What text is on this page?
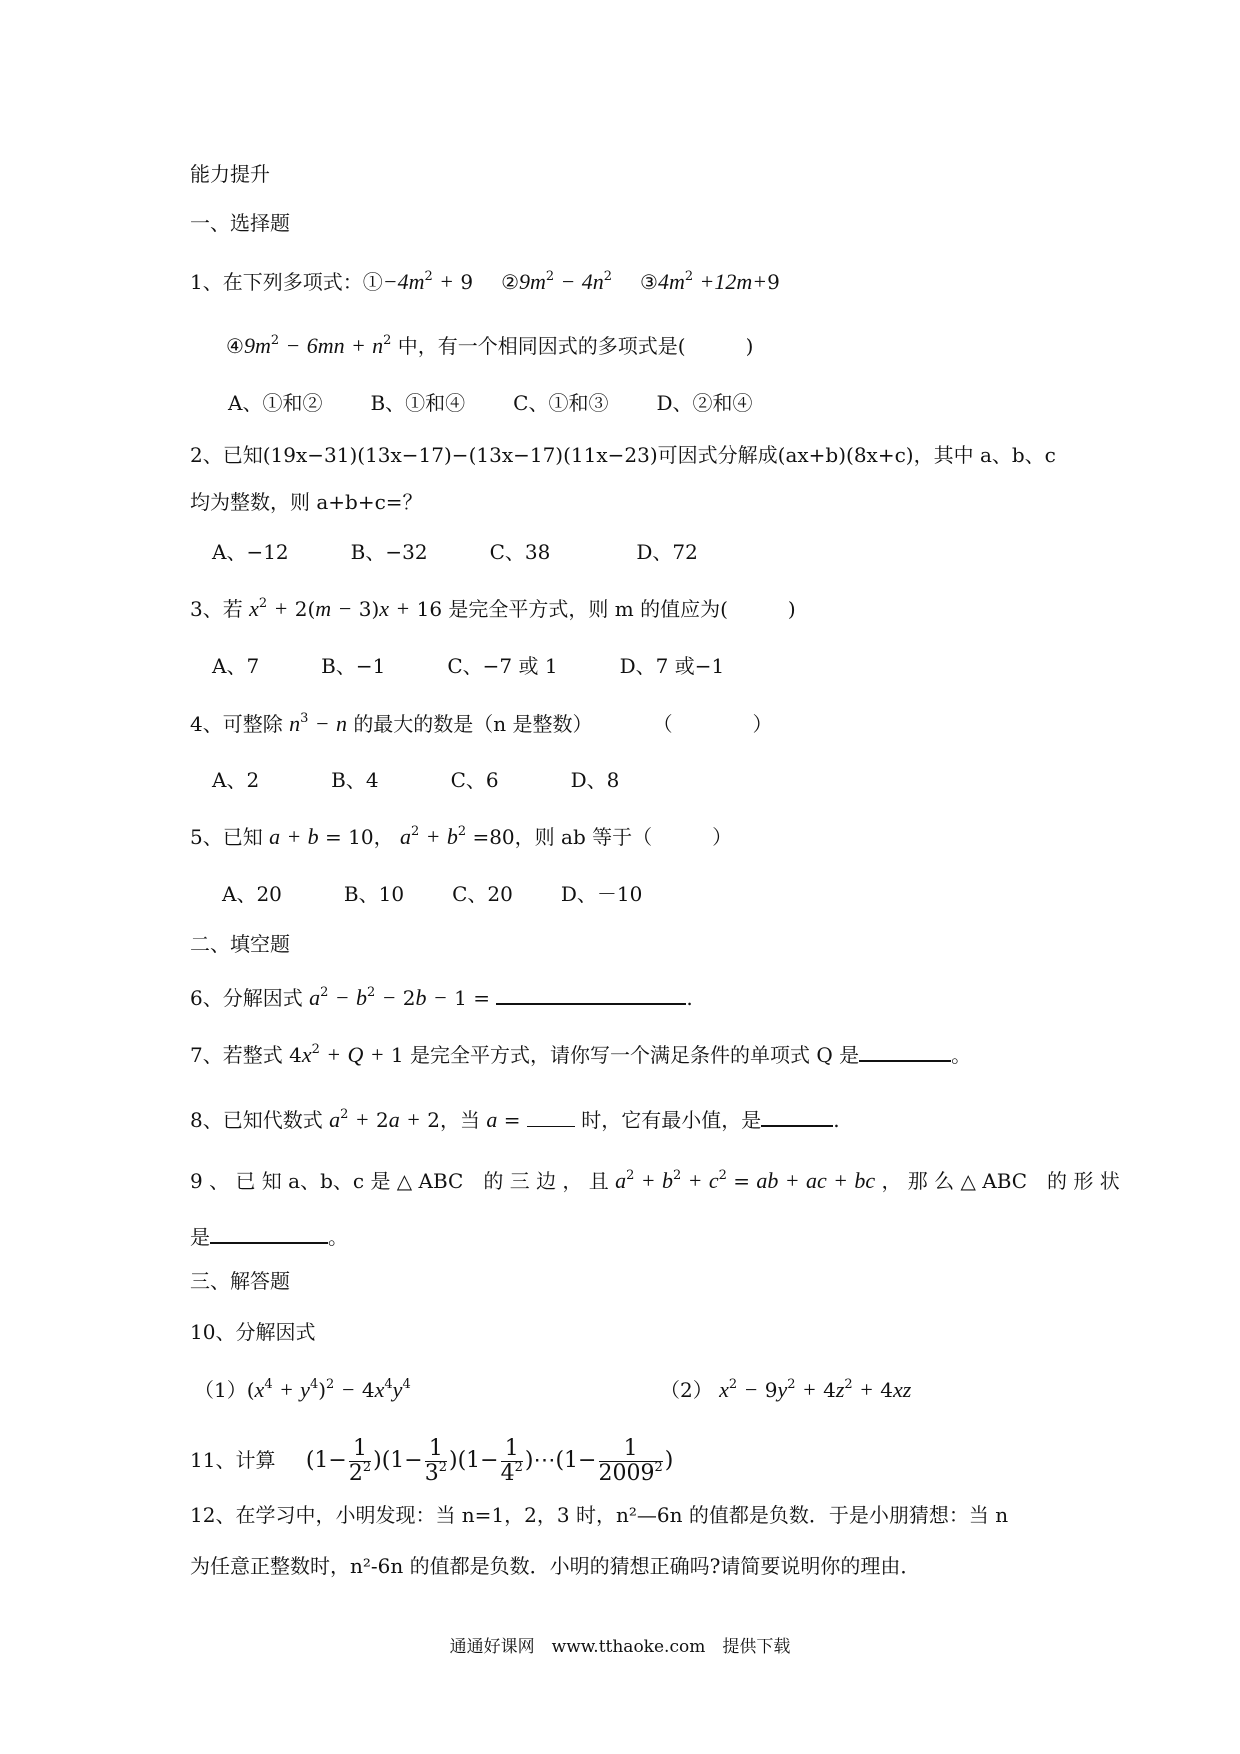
能力提升
一、选择题
1、在下列多项式：$①-4m^2 + 9$ $②9m^2 - 4n^2$ $③4m^2 +12m+9$
$④9m^2 - 6mn + n^2$ 中，有一个相同因式的多项式是(　　　)
A、①和② B、①和④ C、①和③ D、②和④
2、已知(19x−31)(13x−17)−(13x−17)(11x−23)可因式分解成(ax+b)(8x+c)，其中 a、b、c
均为整数，则 a+b+c=？
A、−12	B、−32	C、38	D、72
3、若 $x^2 + 2(m - 3)x + 16$ 是完全平方式，则 m 的值应为(　　　)
A、7	B、−1	C、−7 或 1	D、7 或−1
4、可整除 $n^3 - n$ 的最大的数是（n 是整数）	（　　　　）
A、2	B、4	C、6	D、8
5、已知 a + b = 10， $a^2 + b^2 =80$，则 ab 等于（　　　）
A、20	B、10 C、20 D、－10
二、填空题
6、分解因式 $a^2 - b^2 - 2b - 1$ =	.
7、若整式 $4x^2 + Q + 1$ 是完全平方式，请你写一个满足条件的单项式 Q 是	。
8、已知代数式 $a^2 + 2a + 2$，当 a =	时，它有最小值，是	.
9 、 已 知 a、b、c 是 △ ABC　的 三 边 ， 且 $a^2 + b^2 + c^2$ = ab + ac + bc ， 那 么 △ ABC　的 形 状
是	。
三、解答题
10、分解因式
$(1)(x^4 + y^4)^2 - 4x^4y^4$	（2） $x^2 - 9y^2 + 4z^2 + 4xz$
11、计算 $(1- \frac{1}{2^2} )(1- \frac{1}{3^2} )(1- \frac{1}{4^2}$ )⋯(1− $\frac{1}{2009^2}$ )
12、在学习中，小明发现：当 n=1，2，3 时，n²—6n 的值都是负数．于是小朋猜想：当 n
为任意正整数时，n²-6n 的值都是负数．小明的猜想正确吗?请简要说明你的理由．
通通好课网　www.tthaoke.com　提供下载
